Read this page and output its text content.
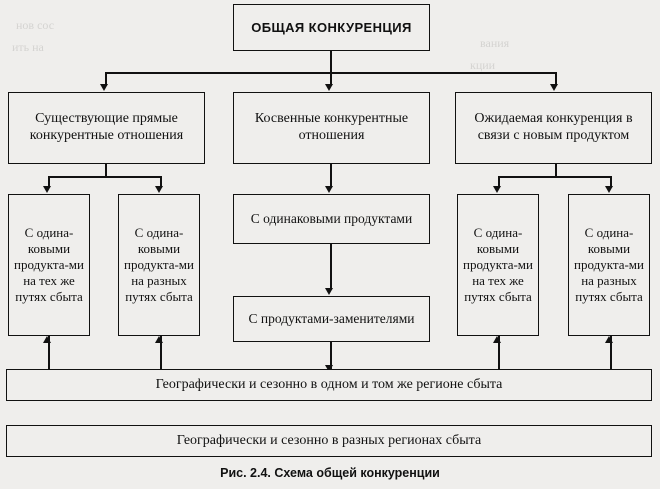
нов сос
ить на	вания
кции
ОБЩАЯ КОНКУРЕНЦИЯ
Существующие прямые конкурентные отношения
Косвенные конкурентные отношения
Ожидаемая конкуренция в связи с новым продуктом
С одина-ковыми продукта-ми на тех же путях сбыта
С одина-ковыми продукта-ми на разных путях сбыта
С одинаковыми продуктами
С продуктами-заменителями
С одина-ковыми продукта-ми на тех же путях сбыта
С одина-ковыми продукта-ми на разных путях сбыта
Географически и сезонно в одном и том же регионе сбыта
Географически и сезонно в разных регионах сбыта
Рис. 2.4. Схема общей конкуренции
